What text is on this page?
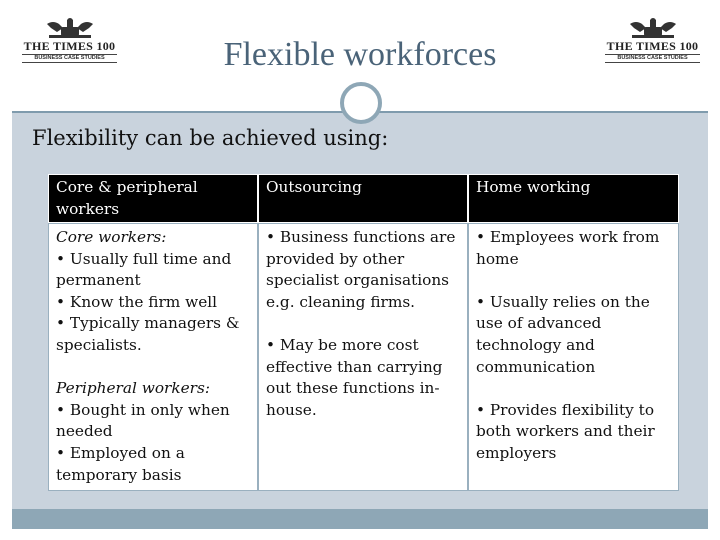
THE TIMES 100
BUSINESS CASE STUDIES
THE TIMES 100
BUSINESS CASE STUDIES
Flexible workforces
Flexibility can be achieved using:
Core & peripheral workers
Outsourcing	Home working
Core workers:
• Usually full time and permanent
• Know the firm well
• Typically managers & specialists.
Peripheral workers:
• Bought in only when needed
• Employed on a temporary basis
• Business functions are provided by other specialist organisations e.g. cleaning firms.
• May be more cost effective than carrying out these functions in-house.
• Employees work from home
• Usually relies on the use of advanced technology and communication
• Provides flexibility to both workers and their employers
